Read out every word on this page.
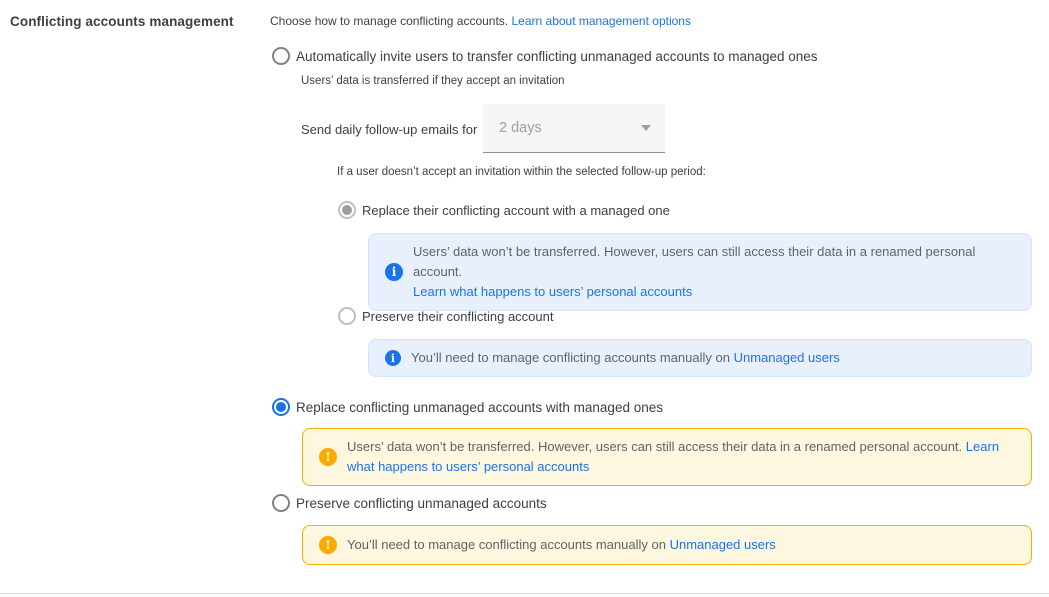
Conflicting accounts management	Choose how to manage conflicting accounts. Learn about management options
Automatically invite users to transfer conflicting unmanaged accounts to managed ones
Users’ data is transferred if they accept an invitation
Send daily follow-up emails for 2 days
If a user doesn’t accept an invitation within the selected follow-up period:
Replace their conflicting account with a managed one
i
Users’ data won’t be transferred. However, users can still access their data in a renamed personal account.
Learn what happens to users’ personal accounts
Preserve their conflicting account
i	You’ll need to manage conflicting accounts manually on Unmanaged users
Replace conflicting unmanaged accounts with managed ones
!
Users’ data won’t be transferred. However, users can still access their data in a renamed personal account. Learn what happens to users’ personal accounts
Preserve conflicting unmanaged accounts
!	You’ll need to manage conflicting accounts manually on Unmanaged users
